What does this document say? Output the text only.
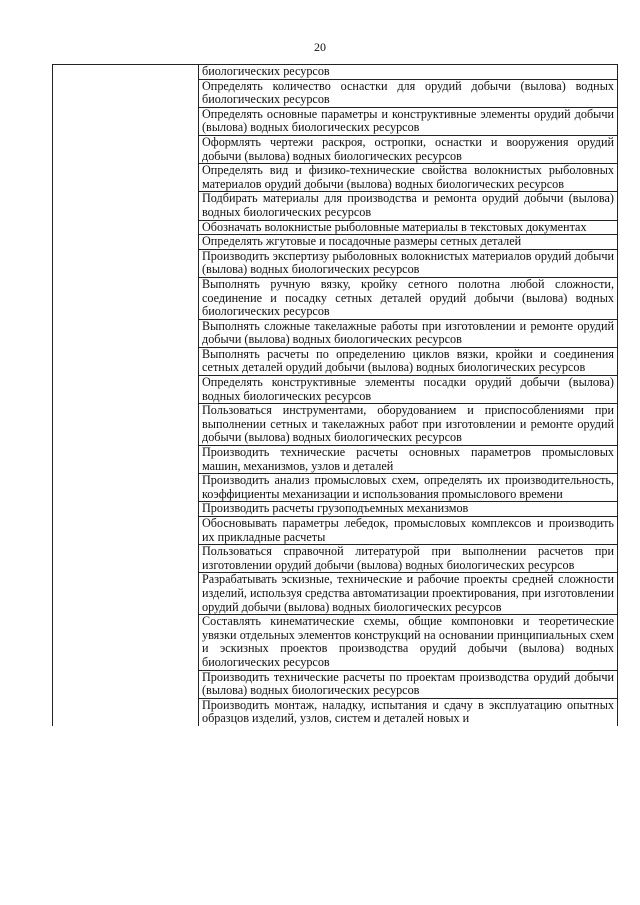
20
биологических ресурсов
Определять количество оснастки для орудий добычи (вылова) водных биологических ресурсов
Определять основные параметры и конструктивные элементы орудий добычи (вылова) водных биологических ресурсов
Оформлять чертежи раскроя, остропки, оснастки и вооружения орудий добычи (вылова) водных биологических ресурсов
Определять вид и физико-технические свойства волокнистых рыболовных материалов орудий добычи (вылова) водных биологических ресурсов
Подбирать материалы для производства и ремонта орудий добычи (вылова) водных биологических ресурсов
Обозначать волокнистые рыболовные материалы в текстовых документах
Определять жгутовые и посадочные размеры сетных деталей
Производить экспертизу рыболовных волокнистых материалов орудий добычи (вылова) водных биологических ресурсов
Выполнять ручную вязку, кройку сетного полотна любой сложности, соединение и посадку сетных деталей орудий добычи (вылова) водных биологических ресурсов
Выполнять сложные такелажные работы при изготовлении и ремонте орудий добычи (вылова) водных биологических ресурсов
Выполнять расчеты по определению циклов вязки, кройки и соединения сетных деталей орудий добычи (вылова) водных биологических ресурсов
Определять конструктивные элементы посадки орудий добычи (вылова) водных биологических ресурсов
Пользоваться инструментами, оборудованием и приспособлениями при выполнении сетных и такелажных работ при изготовлении и ремонте орудий добычи (вылова) водных биологических ресурсов
Производить технические расчеты основных параметров промысловых машин, механизмов, узлов и деталей
Производить анализ промысловых схем, определять их производительность, коэффициенты механизации и использования промыслового времени
Производить расчеты грузоподъемных механизмов
Обосновывать параметры лебедок, промысловых комплексов и производить их прикладные расчеты
Пользоваться справочной литературой при выполнении расчетов при изготовлении орудий добычи (вылова) водных биологических ресурсов
Разрабатывать эскизные, технические и рабочие проекты средней сложности изделий, используя средства автоматизации проектирования, при изготовлении орудий добычи (вылова) водных биологических ресурсов
Составлять кинематические схемы, общие компоновки и теоретические увязки отдельных элементов конструкций на основании принципиальных схем и эскизных проектов производства орудий добычи (вылова) водных биологических ресурсов
Производить технические расчеты по проектам производства орудий добычи (вылова) водных биологических ресурсов
Производить монтаж, наладку, испытания и сдачу в эксплуатацию опытных образцов изделий, узлов, систем и деталей новых и
